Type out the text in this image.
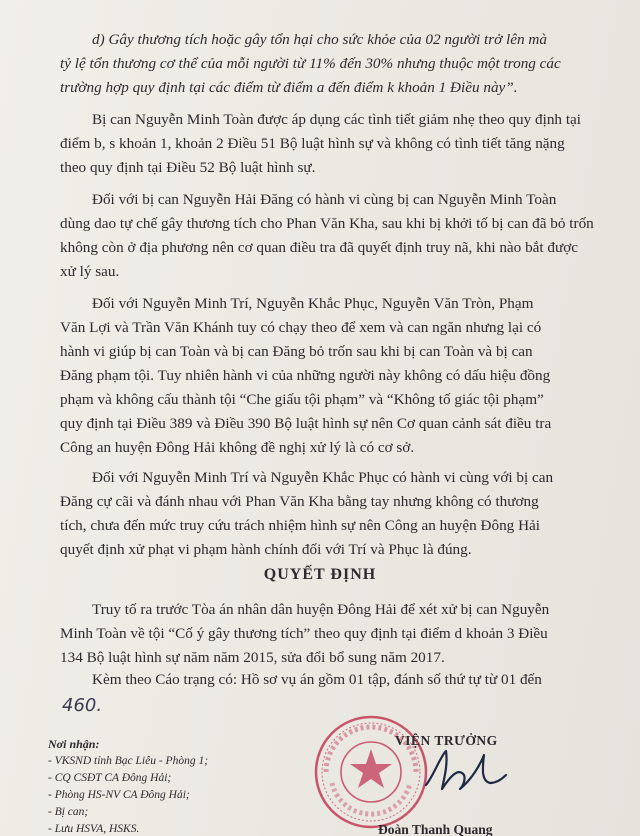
d) Gây thương tích hoặc gây tổn hại cho sức khỏe của 02 người trở lên mà
tỷ lệ tổn thương cơ thể của mỗi người từ 11% đến 30% nhưng thuộc một trong các
trường hợp quy định tại các điểm từ điểm a đến điểm k khoản 1 Điều này”.
Bị can Nguyễn Minh Toàn được áp dụng các tình tiết giảm nhẹ theo quy định tại
điểm b, s khoản 1, khoản 2 Điều 51 Bộ luật hình sự và không có tình tiết tăng nặng
theo quy định tại Điều 52 Bộ luật hình sự.
Đối với bị can Nguyễn Hải Đăng có hành vi cùng bị can Nguyễn Minh Toàn
dùng dao tự chế gây thương tích cho Phan Văn Kha, sau khi bị khởi tố bị can đã bỏ trốn
không còn ở địa phương nên cơ quan điều tra đã quyết định truy nã, khi nào bắt được
xử lý sau.
Đối với Nguyễn Minh Trí, Nguyễn Khắc Phục, Nguyễn Văn Tròn, Phạm
Văn Lợi và Trần Văn Khánh tuy có chạy theo để xem và can ngăn nhưng lại có
hành vi giúp bị can Toàn và bị can Đăng bỏ trốn sau khi bị can Toàn và bị can
Đăng phạm tội. Tuy nhiên hành vi của những người này không có dấu hiệu đồng
phạm và không cấu thành tội “Che giấu tội phạm” và “Không tố giác tội phạm”
quy định tại Điều 389 và Điều 390 Bộ luật hình sự nên Cơ quan cảnh sát điều tra
Công an huyện Đông Hải không đề nghị xử lý là có cơ sở.
Đối với Nguyễn Minh Trí và Nguyễn Khắc Phục có hành vi cùng với bị can
Đăng cự cãi và đánh nhau với Phan Văn Kha bằng tay nhưng không có thương
tích, chưa đến mức truy cứu trách nhiệm hình sự nên Công an huyện Đông Hải
quyết định xử phạt vi phạm hành chính đối với Trí và Phục là đúng.
QUYẾT ĐỊNH
Truy tố ra trước Tòa án nhân dân huyện Đông Hải để xét xử bị can Nguyễn
Minh Toàn về tội “Cố ý gây thương tích” theo quy định tại điểm d khoản 3 Điều
134 Bộ luật hình sự năm năm 2015, sửa đổi bổ sung năm 2017.
Kèm theo Cáo trạng có: Hồ sơ vụ án gồm 01 tập, đánh số thứ tự từ 01 đến
460.
Nơi nhận:
- VKSND tỉnh Bạc Liêu - Phòng 1;
- CQ CSĐT CA Đông Hải;
- Phòng HS-NV CA Đông Hải;
- Bị can;
- Lưu HSVA, HSKS.
VIỆN TRƯỞNG
Đoàn Thanh Quang
